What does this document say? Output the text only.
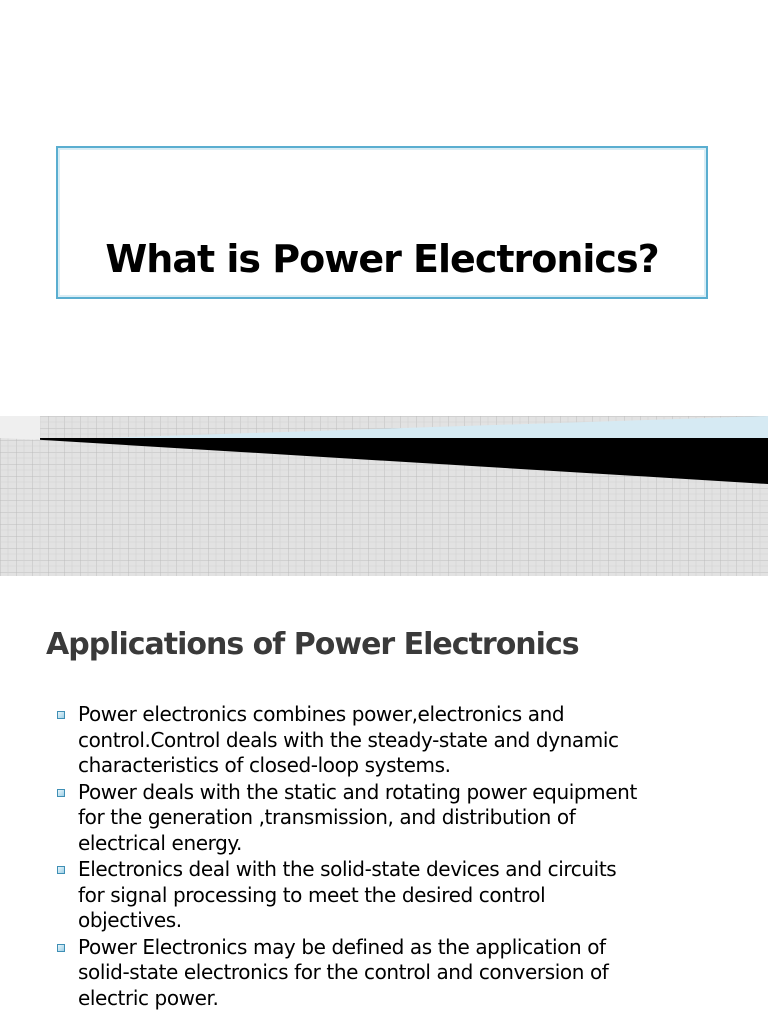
What is Power Electronics?
Applications of Power Electronics
Power electronics combines power,electronics and
control.Control deals with the steady-state and dynamic
characteristics of closed-loop systems.
Power deals with the static and rotating power equipment
for the generation ,transmission, and distribution of
electrical energy.
Electronics deal with the solid-state devices and circuits
for signal processing to meet the desired control
objectives.
Power Electronics may be defined as the application of
solid-state electronics for the control and conversion of
electric power.
